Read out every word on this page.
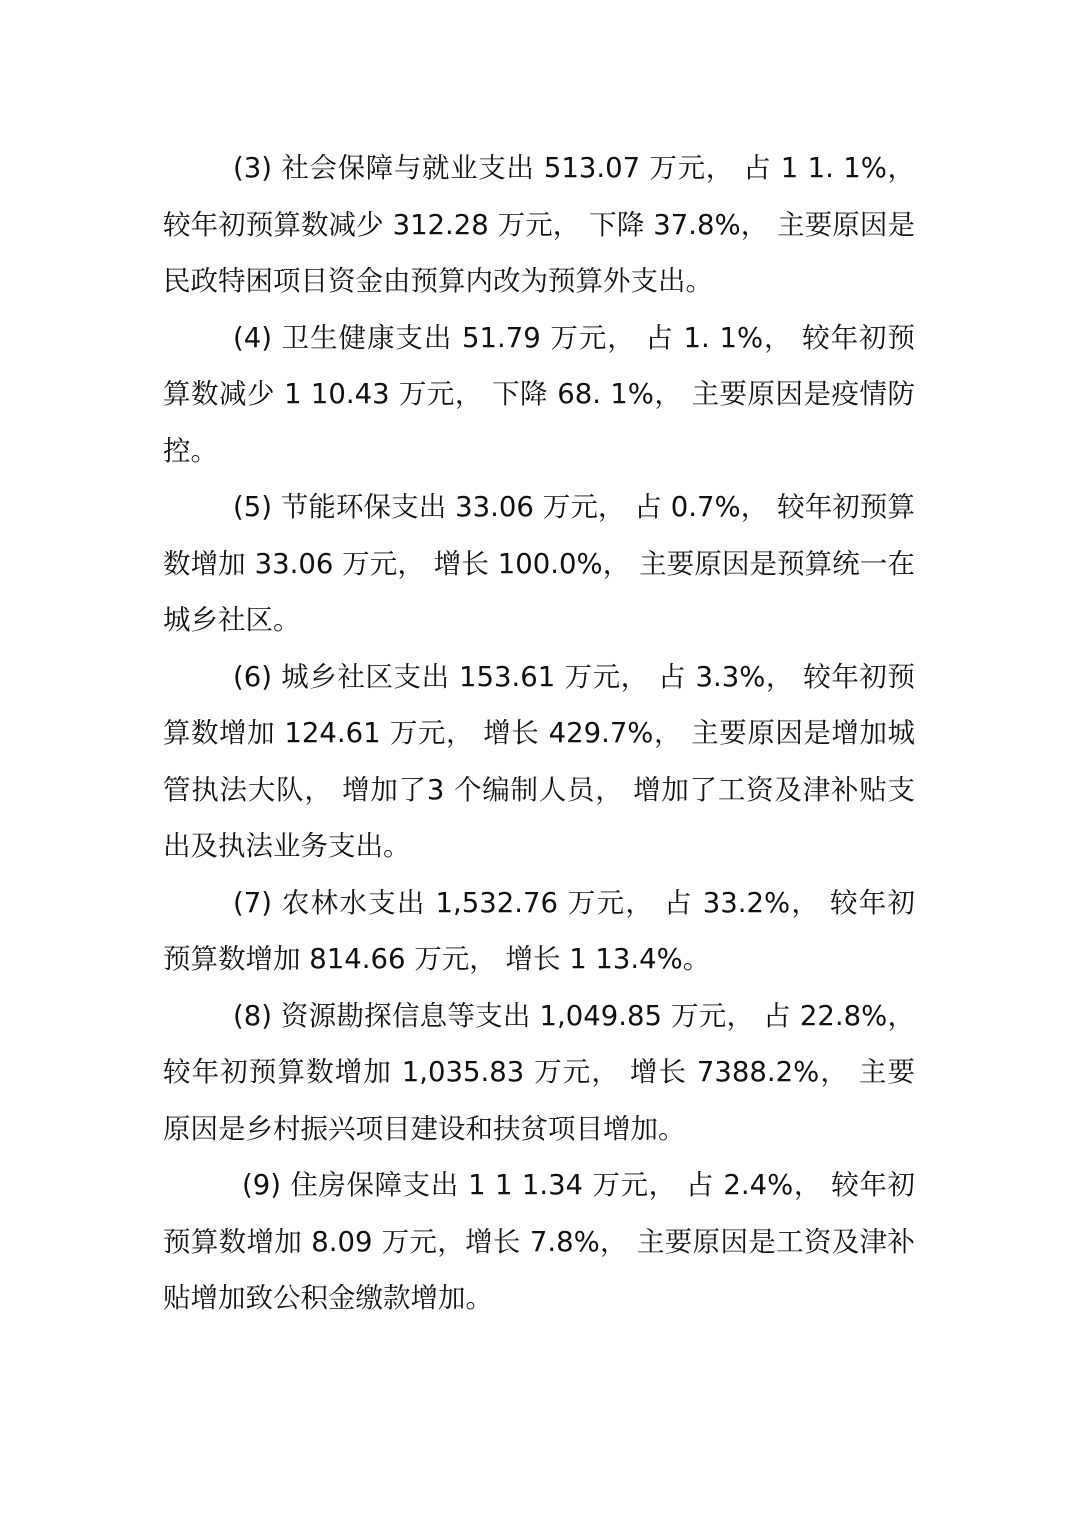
(3) 社会保障与就业支出 513.07 万元， 占 1 1. 1%， 较年初预算数减少 312.28 万元， 下降 37.8%， 主要原因是民政特困项目资金由预算内改为预算外支出。

(4) 卫生健康支出 51.79 万元， 占 1. 1%， 较年初预算数减少 1 10.43 万元， 下降 68. 1%， 主要原因是疫情防控。

(5) 节能环保支出 33.06 万元， 占 0.7%， 较年初预算数增加 33.06 万元， 增长 100.0%， 主要原因是预算统一在城乡社区。

(6) 城乡社区支出 153.61 万元， 占 3.3%， 较年初预算数增加 124.61 万元， 增长 429.7%， 主要原因是增加城管执法大队， 增加了3 个编制人员， 增加了工资及津补贴支出及执法业务支出。

(7) 农林水支出 1,532.76 万元， 占 33.2%， 较年初预算数增加 814.66 万元， 增长 1 13.4%。

(8) 资源勘探信息等支出 1,049.85 万元， 占 22.8%， 较年初预算数增加 1,035.83 万元， 增长 7388.2%， 主要原因是乡村振兴项目建设和扶贫项目增加。

(9) 住房保障支出 1 1 1.34 万元， 占 2.4%， 较年初预算数增加 8.09 万元，增长 7.8%， 主要原因是工资及津补贴增加致公积金缴款增加。
